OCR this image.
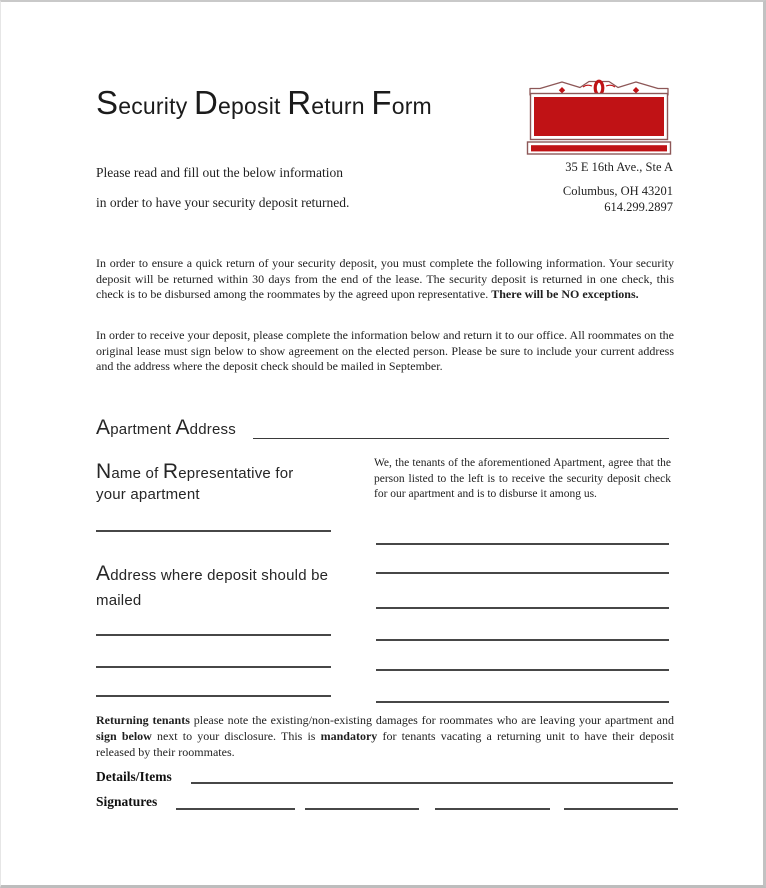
Security Deposit Return Form
Please read and fill out the below information
in order to have your security deposit returned.
35 E 16th Ave., Ste A
Columbus, OH 43201
614.299.2897
In order to ensure a quick return of your security deposit, you must complete the following information. Your security deposit will be returned within 30 days from the end of the lease. The security deposit is returned in one check, this check is to be disbursed among the roommates by the agreed upon representative. There will be NO exceptions.
In order to receive your deposit, please complete the information below and return it to our office. All roommates on the original lease must sign below to show agreement on the elected person. Please be sure to include your current address and the address where the deposit check should be mailed in September.
Apartment Address
Name of Representative for
your apartment
We, the tenants of the aforementioned Apartment, agree that the person listed to the left is to receive the security deposit check for our apartment and is to disburse it among us.
Address where deposit should be
mailed
Returning tenants please note the existing/non-existing damages for roommates who are leaving your apartment and sign below next to your disclosure. This is mandatory for tenants vacating a returning unit to have their deposit released by their roommates.
Details/Items
Signatures
